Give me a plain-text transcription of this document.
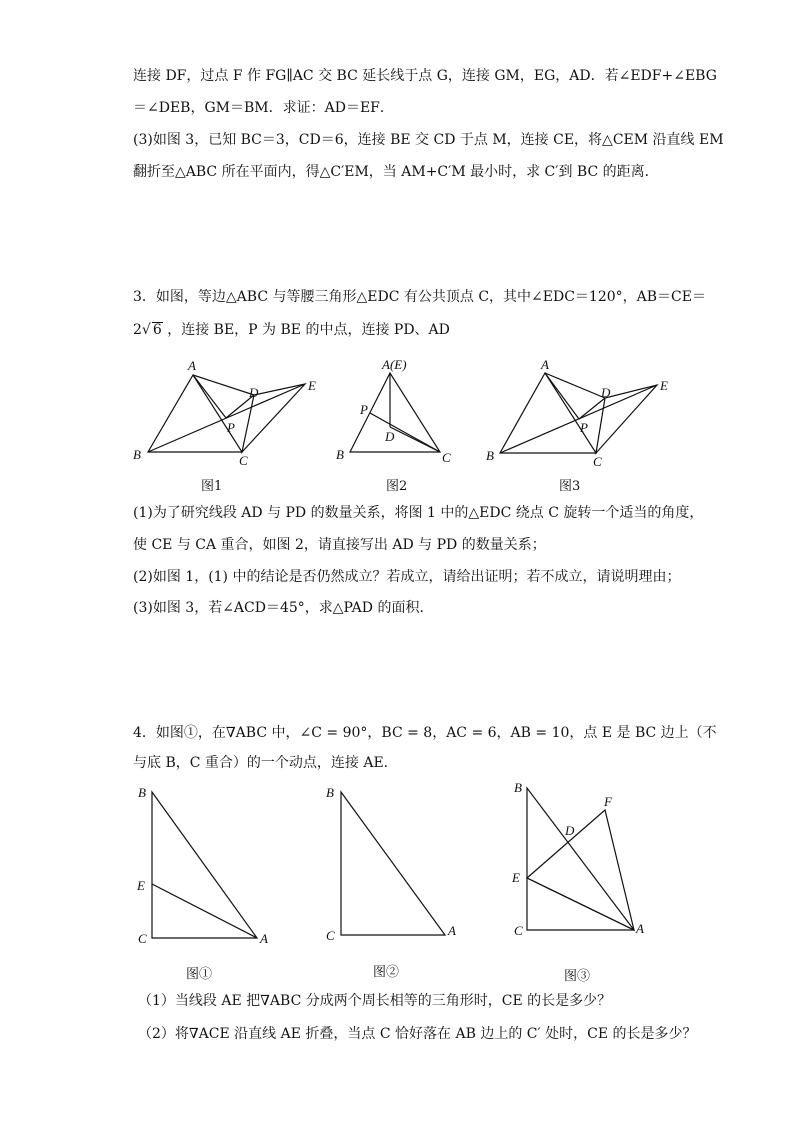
连接 DF，过点 F 作 FG∥AC 交 BC 延长线于点 G，连接 GM，EG，AD．若∠EDF+∠EBG
＝∠DEB，GM＝BM．求证：AD＝EF．
(3)如图 3，已知 BC＝3，CD＝6，连接 BE 交 CD 于点 M，连接 CE，将△CEM 沿直线 EM
翻折至△ABC 所在平面内，得△C′EM，当 AM+C′M 最小时，求 C′到 BC 的距离．
3．如图，等边△ABC 与等腰三角形△EDC 有公共顶点 C，其中∠EDC＝120°，AB＝CE＝
2√ 6 ，连接 BE，P 为 BE 的中点，连接 PD、AD
A
B	C
D	E
P
图1
A(E)
B	C
D
P
图2
A
B	C
D	E
P
图3
(1)为了研究线段 AD 与 PD 的数量关系，将图 1 中的△EDC 绕点 C 旋转一个适当的角度，
使 CE 与 CA 重合，如图 2，请直接写出 AD 与 PD 的数量关系；
(2)如图 1，(1) 中的结论是否仍然成立？若成立，请给出证明；若不成立，请说明理由；
(3)如图 3，若∠ACD＝45°，求△PAD 的面积．
4．如图①，在∇ABC 中，∠C = 90°，BC = 8，AC = 6，AB = 10，点 E 是 BC 边上（不
与底 B，C 重合）的一个动点，连接 AE．
B
E
C	A
图①
B
C	A
图②
B
F
D
E
C	A
图③
（1）当线段 AE 把∇ABC 分成两个周长相等的三角形时，CE 的长是多少？
（2）将∇ACE 沿直线 AE 折叠，当点 C 恰好落在 AB 边上的 C′ 处时，CE 的长是多少？
